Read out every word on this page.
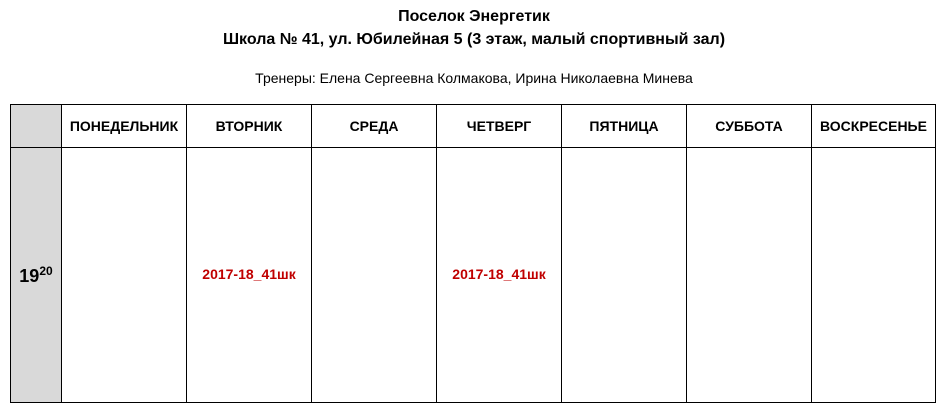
Поселок Энергетик
Школа № 41, ул. Юбилейная 5 (3 этаж, малый спортивный зал)
Тренеры: Елена Сергеевна Колмакова, Ирина Николаевна Минева
	ПОНЕДЕЛЬНИК	ВТОРНИК	СРЕДА	ЧЕТВЕРГ	ПЯТНИЦА	СУББОТА	ВОСКРЕСЕНЬЕ
$19^{20}$		2017-18_41шк		2017-18_41шк			
